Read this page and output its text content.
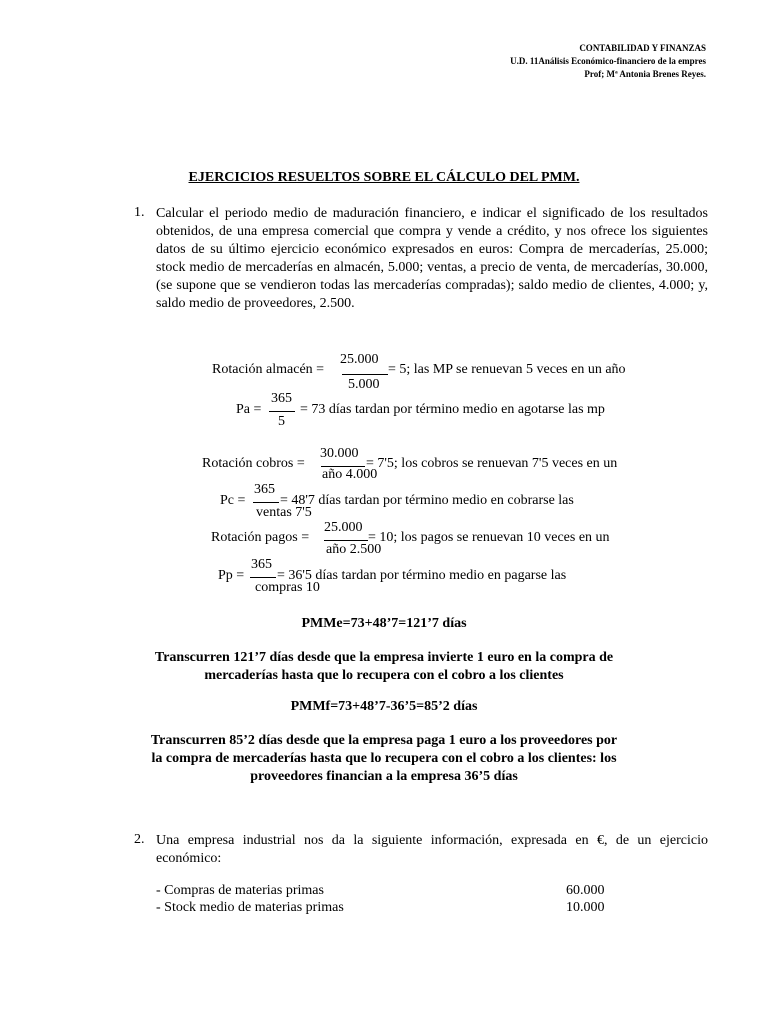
CONTABILIDAD Y FINANZAS
U.D. 11Análisis Económico-financiero de la empres
Prof; Mª Antonia Brenes Reyes.
EJERCICIOS RESUELTOS SOBRE EL CÁLCULO DEL PMM.
1. Calcular el periodo medio de maduración financiero, e indicar el significado de los resultados obtenidos, de una empresa comercial que compra y vende a crédito, y nos ofrece los siguientes datos de su último ejercicio económico expresados en euros: Compra de mercaderías, 25.000; stock medio de mercaderías en almacén, 5.000; ventas, a precio de venta, de mercaderías, 30.000, (se supone que se vendieron todas las mercaderías compradas); saldo medio de clientes, 4.000; y, saldo medio de proveedores, 2.500.
Rotación almacén =
25.000
5.000
= 5; las MP se renuevan 5 veces en un año
Pa =
365
5
= 73 días tardan por término medio en agotarse las mp
Rotación cobros =
30.000
año 4.000
= 7'5; los cobros se renuevan 7'5 veces en un
Pc =
365
ventas 7'5
= 48'7 días tardan por término medio en cobrarse las
Rotación pagos =
25.000
año 2.500
= 10; los pagos se renuevan 10 veces en un
Pp =
365
compras 10
= 36'5 días tardan por término medio en pagarse las
PMMe=73+48’7=121’7 días
Transcurren 121’7 días desde que la empresa invierte 1 euro en la compra de mercaderías hasta que lo recupera con el cobro a los clientes
PMMf=73+48’7-36’5=85’2 días
Transcurren 85’2 días desde que la empresa paga 1 euro a los proveedores por la compra de mercaderías hasta que lo recupera con el cobro a los clientes: los proveedores financian a la empresa 36’5 días
2. Una empresa industrial nos da la siguiente información, expresada en €, de un ejercicio económico:
- Compras de materias primas	60.000
- Stock medio de materias primas	10.000
